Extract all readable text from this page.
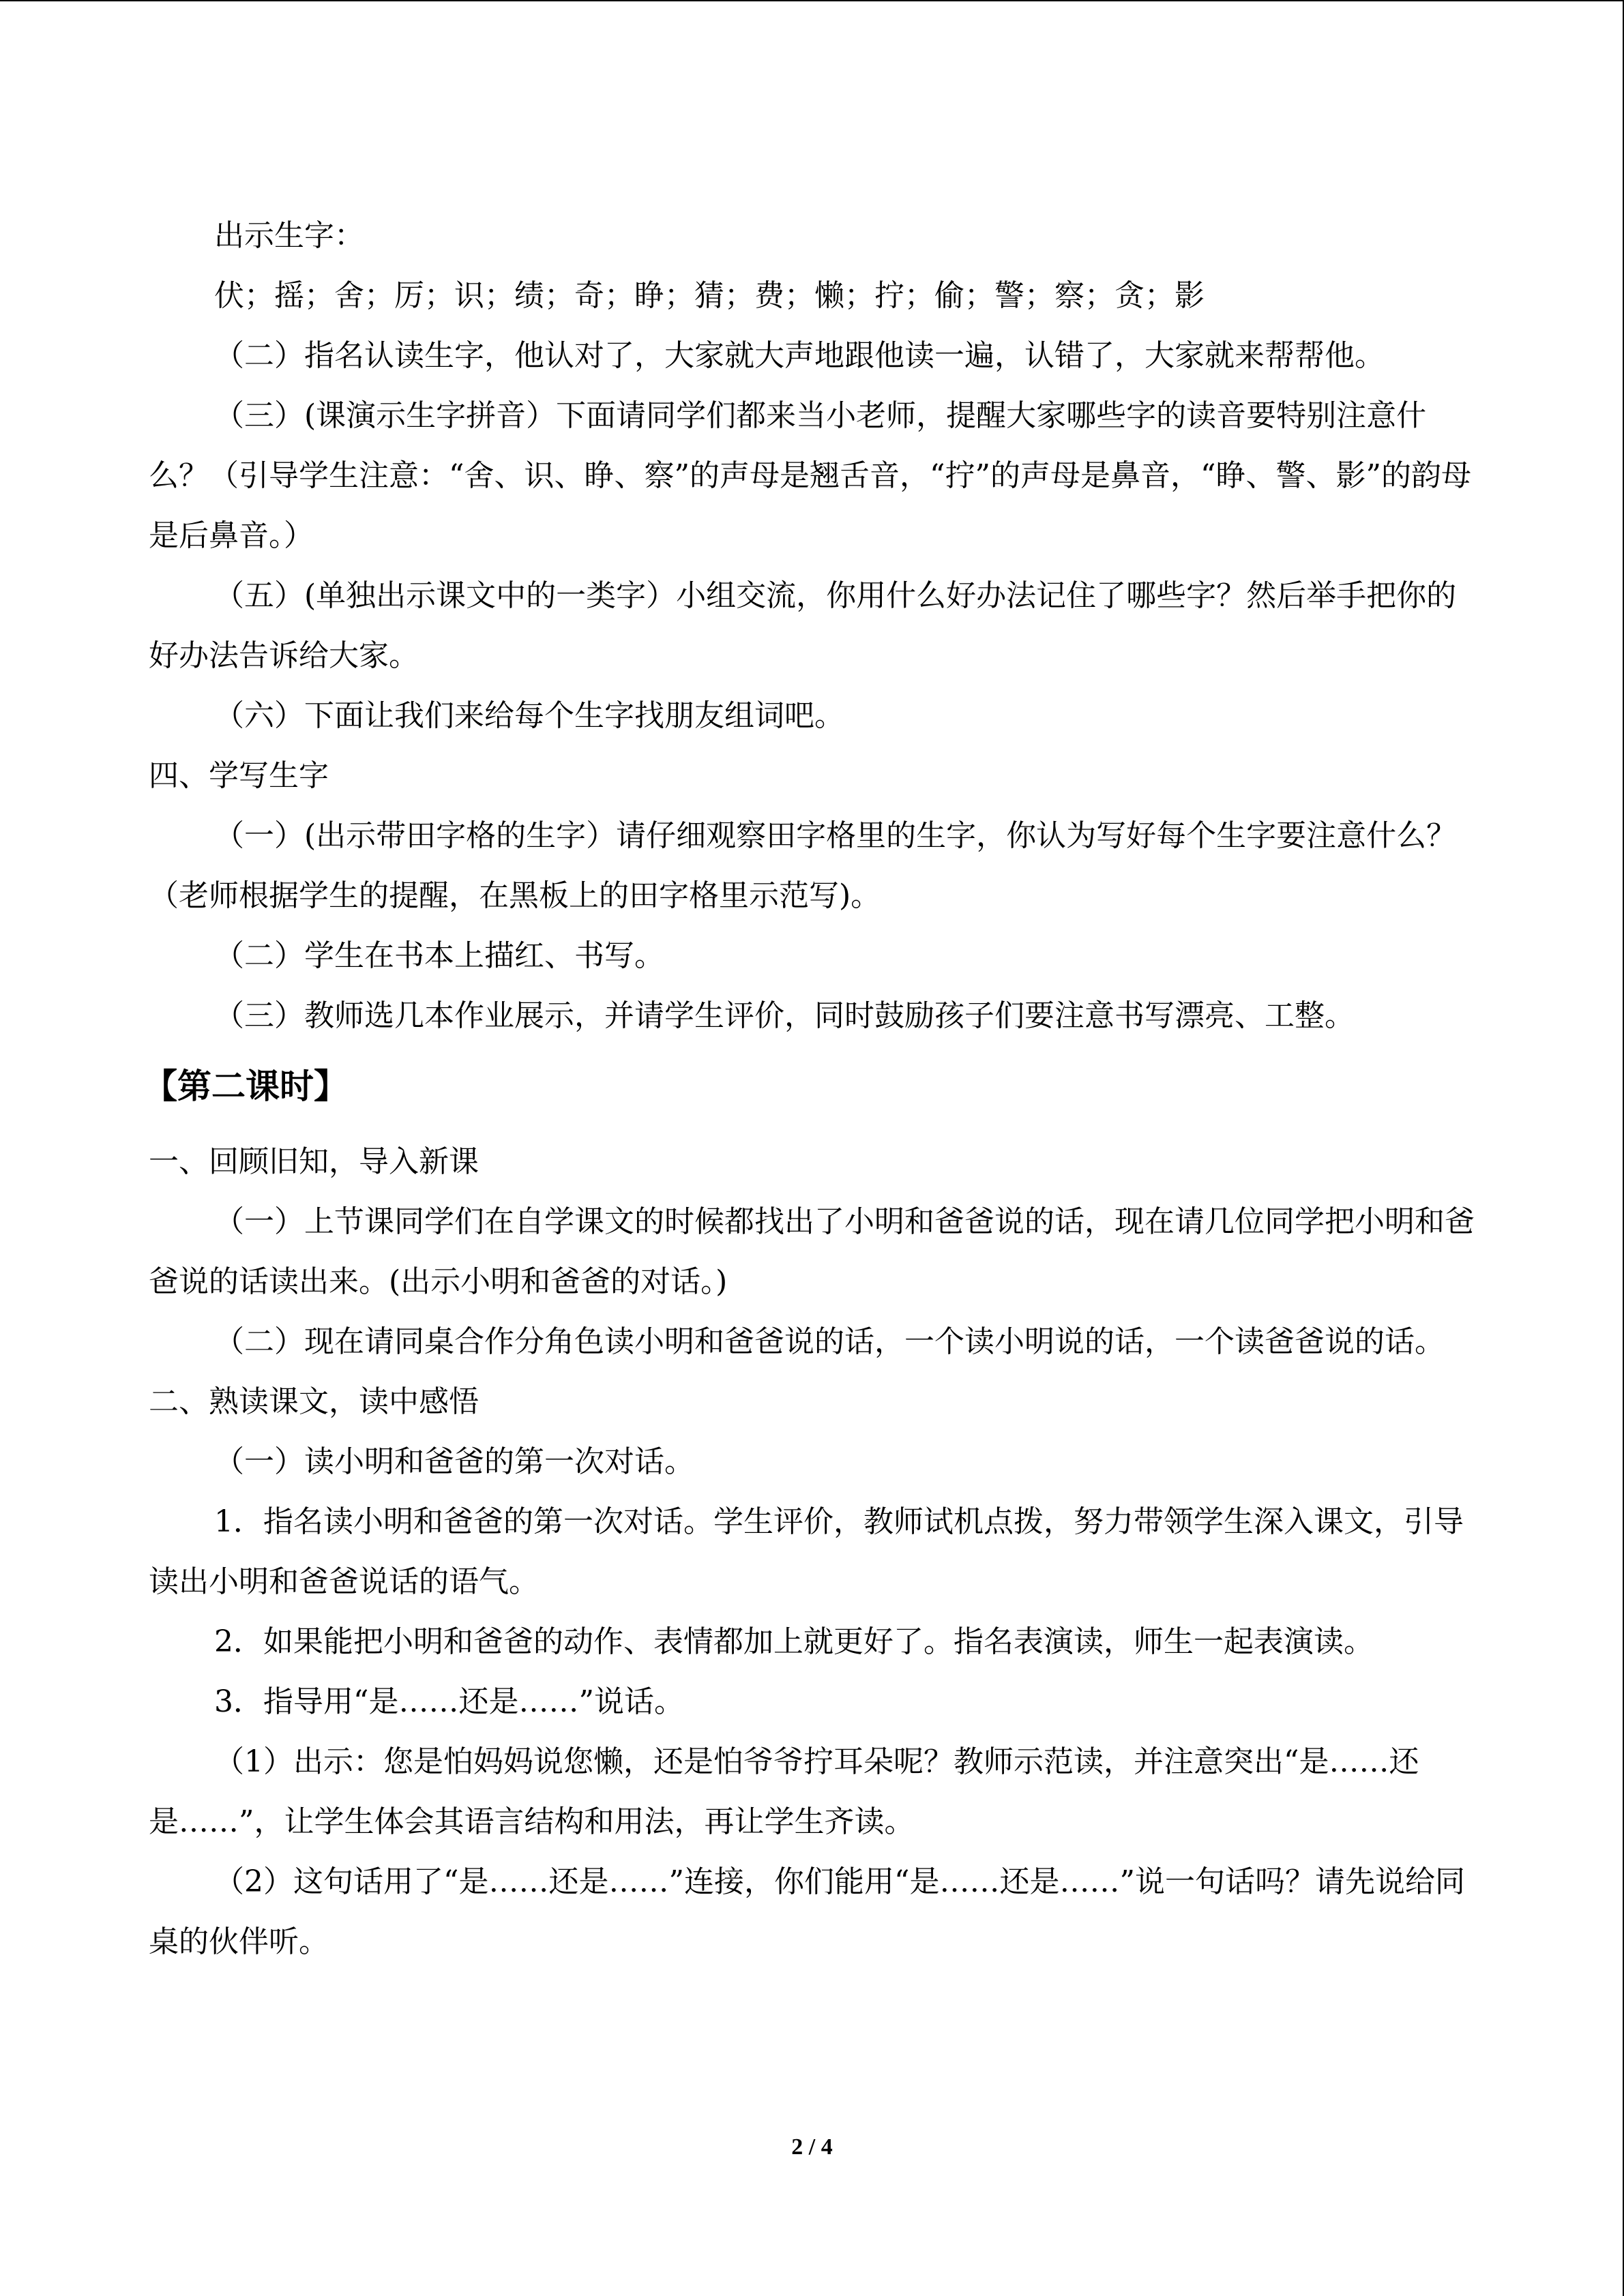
出示生字：

伏；摇；舍；厉；识；绩；奇；睁；猜；费；懒；拧；偷；警；察；贪；影

（二）指名认读生字，他认对了，大家就大声地跟他读一遍，认错了，大家就来帮帮他。

（三）(课演示生字拼音）下面请同学们都来当小老师，提醒大家哪些字的读音要特别注意什么？（引导学生注意：“舍、识、睁、察”的声母是翘舌音，“拧”的声母是鼻音，“睁、警、影”的韵母是后鼻音。）

（五）(单独出示课文中的一类字）小组交流，你用什么好办法记住了哪些字？然后举手把你的好办法告诉给大家。

（六）下面让我们来给每个生字找朋友组词吧。

四、学写生字

（一）(出示带田字格的生字）请仔细观察田字格里的生字，你认为写好每个生字要注意什么？（老师根据学生的提醒，在黑板上的田字格里示范写)。

（二）学生在书本上描红、书写。

（三）教师选几本作业展示，并请学生评价，同时鼓励孩子们要注意书写漂亮、工整。

【第二课时】

一、回顾旧知，导入新课

（一）上节课同学们在自学课文的时候都找出了小明和爸爸说的话，现在请几位同学把小明和爸爸说的话读出来。(出示小明和爸爸的对话。)

（二）现在请同桌合作分角色读小明和爸爸说的话，一个读小明说的话，一个读爸爸说的话。

二、熟读课文，读中感悟

（一）读小明和爸爸的第一次对话。

1．指名读小明和爸爸的第一次对话。学生评价，教师试机点拨，努力带领学生深入课文，引导读出小明和爸爸说话的语气。

2．如果能把小明和爸爸的动作、表情都加上就更好了。指名表演读，师生一起表演读。

3．指导用“是……还是……”说话。

（1）出示：您是怕妈妈说您懒，还是怕爷爷拧耳朵呢？教师示范读，并注意突出“是……还是……”，让学生体会其语言结构和用法，再让学生齐读。

（2）这句话用了“是……还是……”连接，你们能用“是……还是……”说一句话吗？请先说给同桌的伙伴听。

2 / 4
